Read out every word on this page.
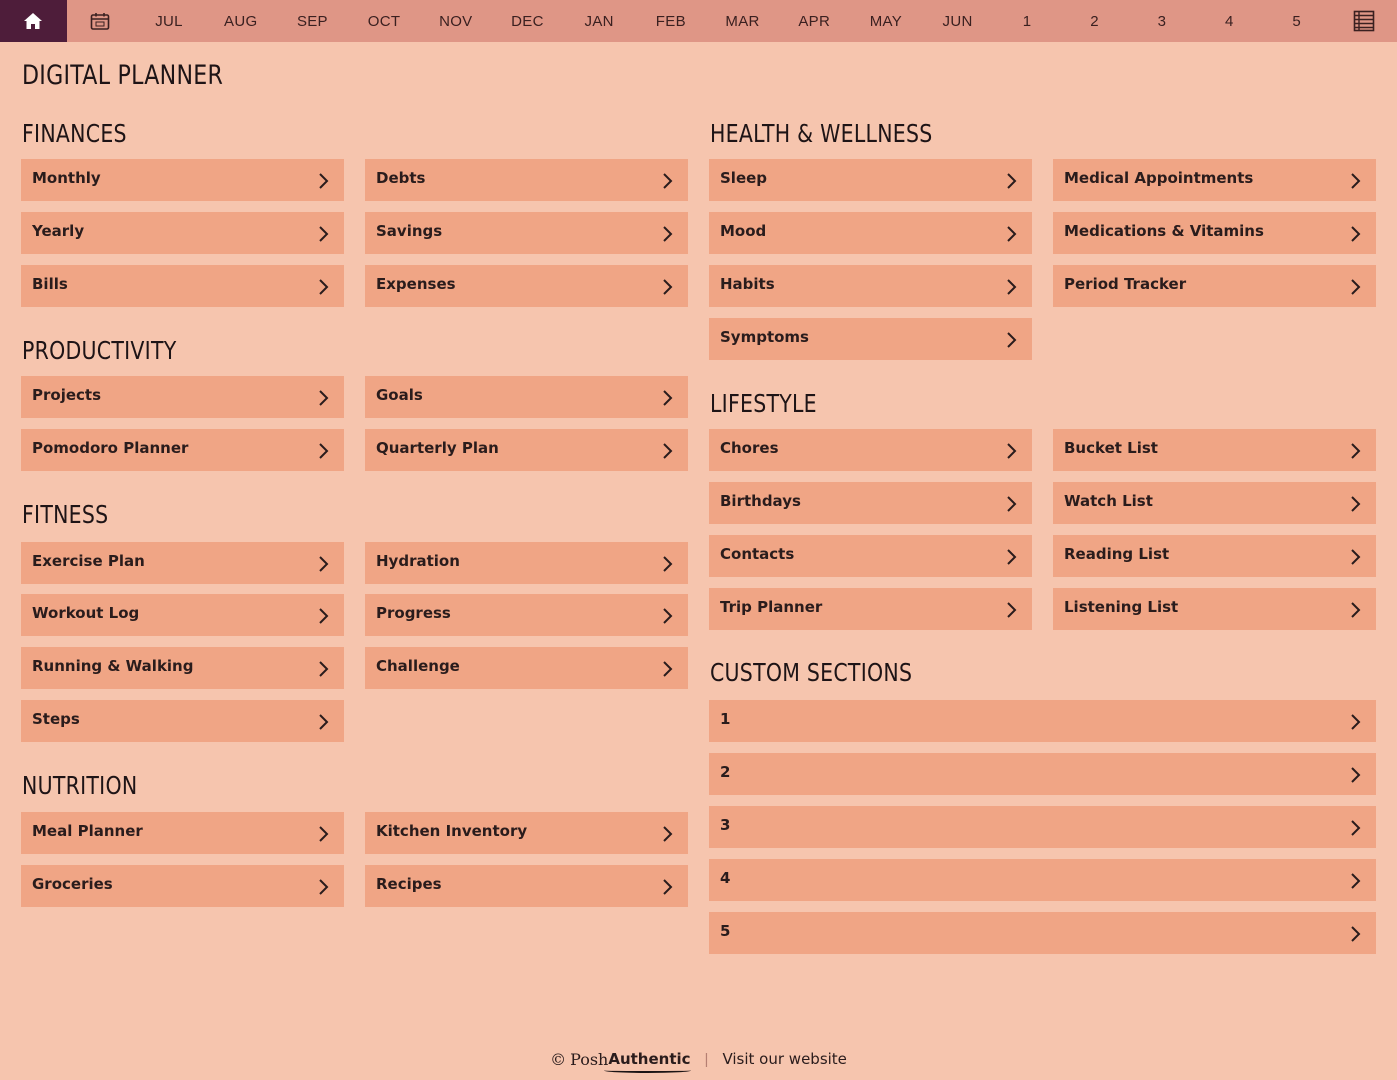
JUL	AUG	SEP	OCT	NOV	DEC	JAN	FEB	MAR	APR	MAY	JUN	1	2	3	4	5
DIGITAL PLANNER
FINANCES
Monthly	Debts
Yearly	Savings
Bills	Expenses
PRODUCTIVITY
Projects	Goals
Pomodoro Planner	Quarterly Plan
FITNESS
Exercise Plan	Hydration
Workout Log	Progress
Running & Walking	Challenge
Steps
NUTRITION
Meal Planner	Kitchen Inventory
Groceries	Recipes
HEALTH & WELLNESS
Sleep	Medical Appointments
Mood	Medications & Vitamins
Habits	Period Tracker
Symptoms
LIFESTYLE
Chores	Bucket List
Birthdays	Watch List
Contacts	Reading List
Trip Planner	Listening List
CUSTOM SECTIONS
1
2
3
4
5
© Posh Authentic | Visit our website
